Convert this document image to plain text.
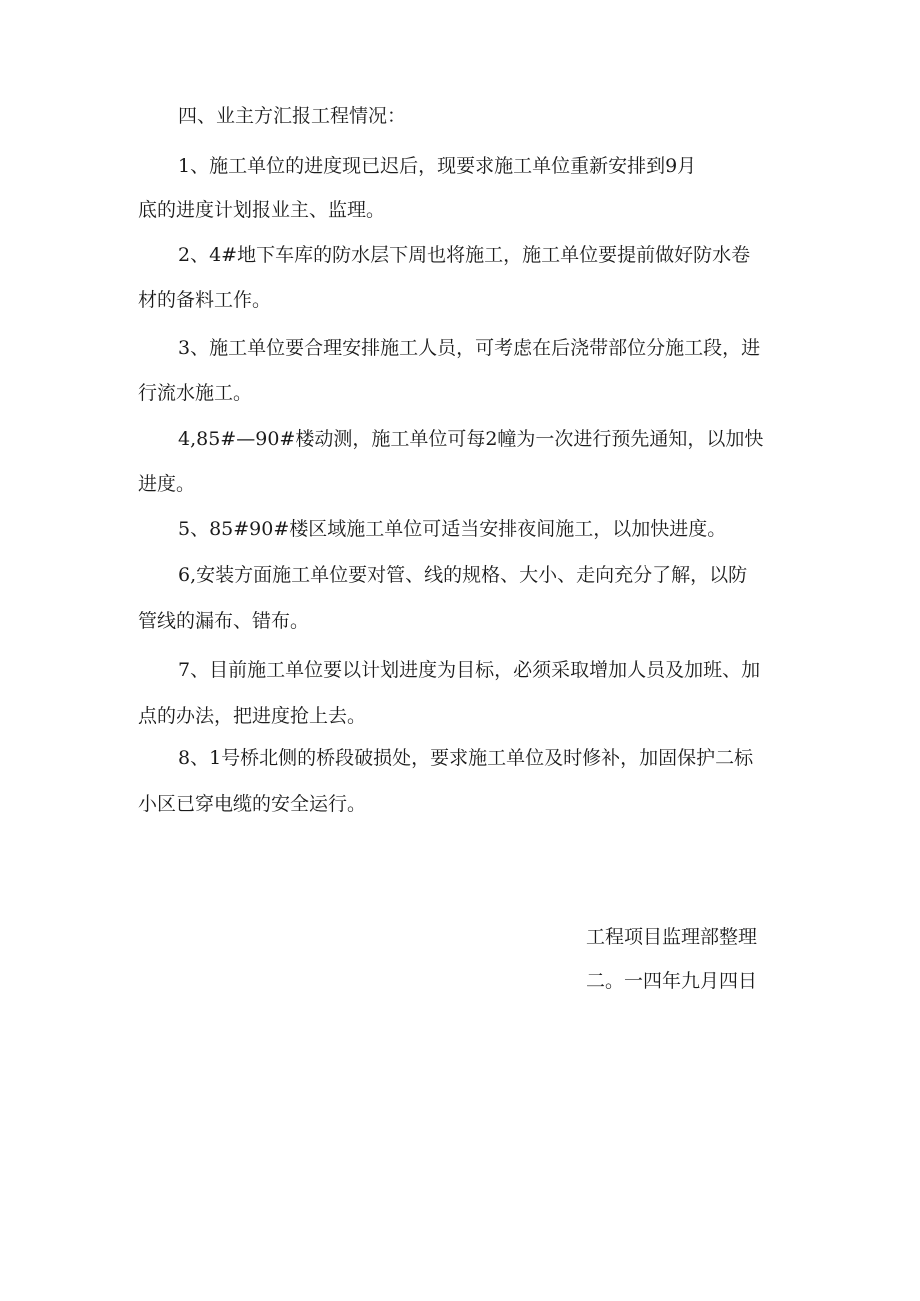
四、业主方汇报工程情况：
1、施工单位的进度现已迟后，现要求施工单位重新安排到9月
底的进度计划报业主、监理。
2、4#地下车库的防水层下周也将施工，施工单位要提前做好防水卷
材的备料工作。
3、施工单位要合理安排施工人员，可考虑在后浇带部位分施工段，进
行流水施工。
4,85#—90#楼动测，施工单位可每2幢为一次进行预先通知，以加快
进度。
5、85#90#楼区域施工单位可适当安排夜间施工，以加快进度。
6,安装方面施工单位要对管、线的规格、大小、走向充分了解，以防
管线的漏布、错布。
7、目前施工单位要以计划进度为目标，必须采取增加人员及加班、加
点的办法，把进度抢上去。
8、1号桥北侧的桥段破损处，要求施工单位及时修补，加固保护二标
小区已穿电缆的安全运行。
工程项目监理部整理
二。一四年九月四日
